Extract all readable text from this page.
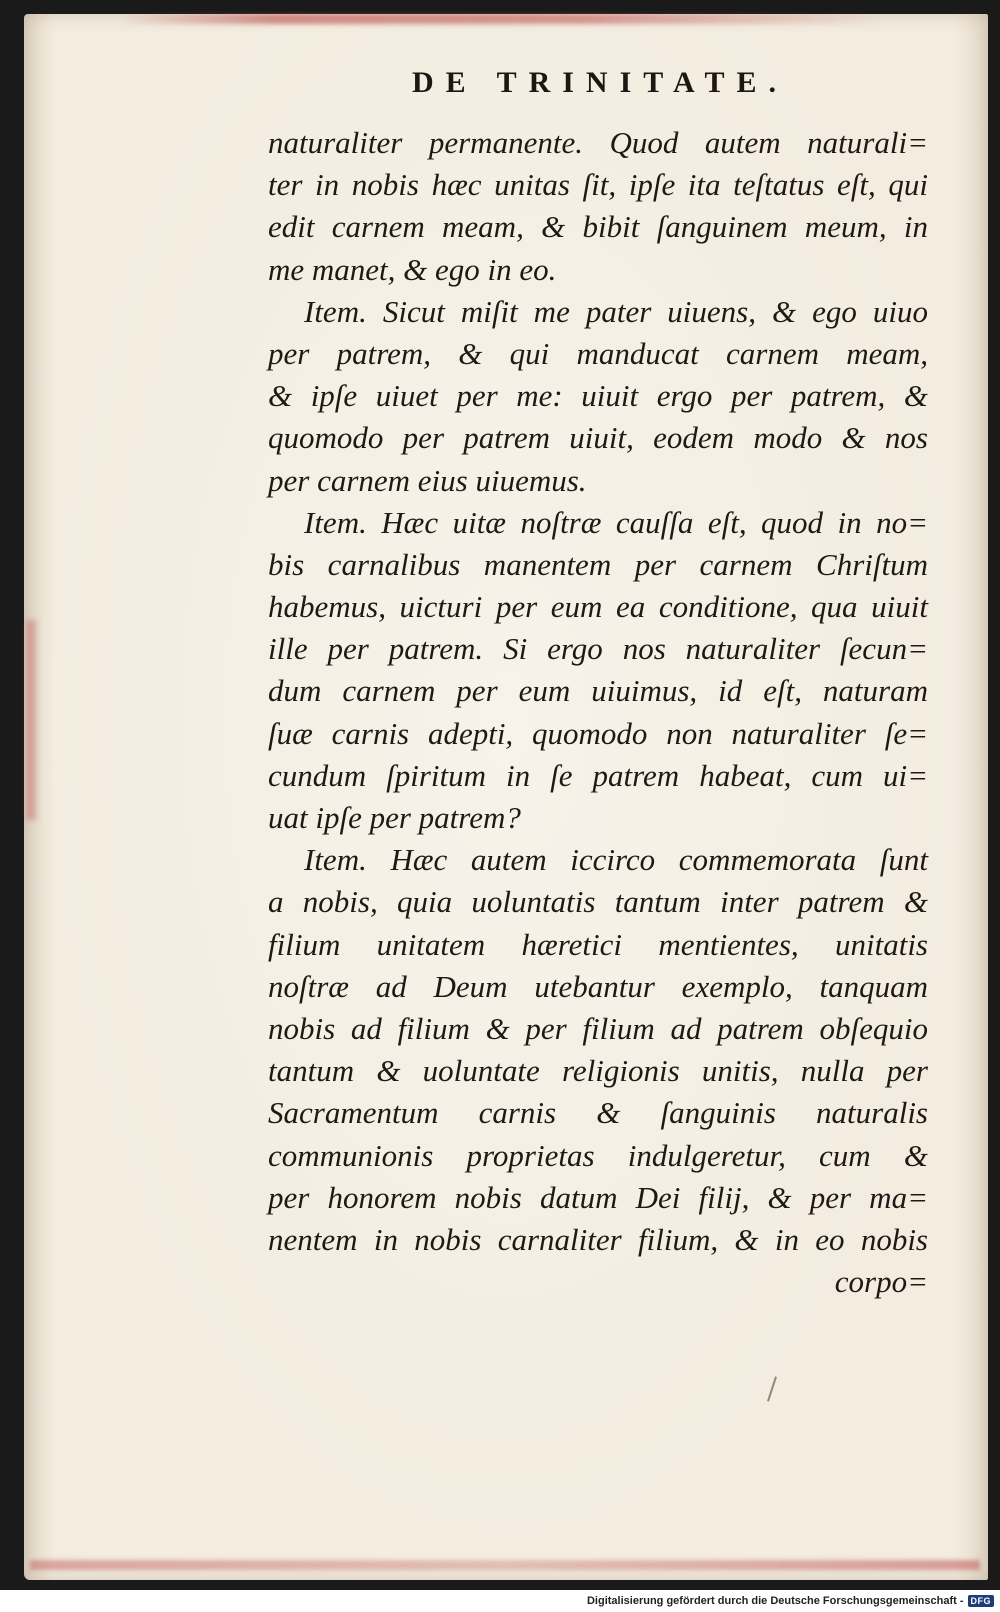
DE TRINITATE.
naturaliter permanente. Quod autem naturali=
ter in nobis hæc unitas ſit, ipſe ita teſtatus eſt, qui
edit carnem meam, & bibit ſanguinem meum, in
me manet, & ego in eo.
Item. Sicut miſit me pater uiuens, & ego uiuo
per patrem, & qui manducat carnem meam,
& ipſe uiuet per me: uiuit ergo per patrem, &
quomodo per patrem uiuit, eodem modo & nos
per carnem eius uiuemus.
Item. Hæc uitæ noſtræ cauſſa eſt, quod in no=
bis carnalibus manentem per carnem Chriſtum
habemus, uicturi per eum ea conditione, qua uiuit
ille per patrem. Si ergo nos naturaliter ſecun=
dum carnem per eum uiuimus, id eſt, naturam
ſuæ carnis adepti, quomodo non naturaliter ſe=
cundum ſpiritum in ſe patrem habeat, cum ui=
uat ipſe per patrem?
Item. Hæc autem iccirco commemorata ſunt
a nobis, quia uoluntatis tantum inter patrem &
filium unitatem hæretici mentientes, unitatis
noſtræ ad Deum utebantur exemplo, tanquam
nobis ad filium & per filium ad patrem obſequio
tantum & uoluntate religionis unitis, nulla per
Sacramentum carnis & ſanguinis naturalis
communionis proprietas indulgeretur, cum &
per honorem nobis datum Dei filij, & per ma=
nentem in nobis carnaliter filium, & in eo nobis
corpo=
Digitalisierung gefördert durch die Deutsche Forschungsgemeinschaft - DFG
